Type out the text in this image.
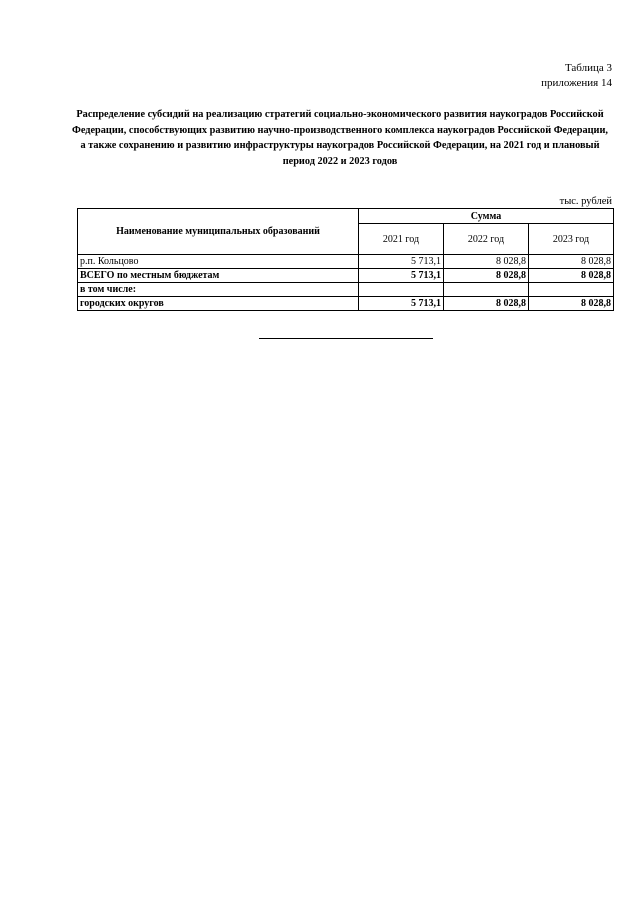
Таблица 3
приложения 14
Распределение субсидий на реализацию стратегий социально-экономического развития наукоградов Российской Федерации, способствующих развитию научно-производственного комплекса наукоградов Российской Федерации, а также сохранению и развитию инфраструктуры наукоградов Российской Федерации, на 2021 год и плановый период 2022 и 2023 годов
тыс. рублей
Наименование муниципальных образований	Сумма		
	2021 год	2022 год	2023 год
р.п. Кольцово	5 713,1	8 028,8	8 028,8
ВСЕГО по местным бюджетам	5 713,1	8 028,8	8 028,8
в том числе:			
городских округов	5 713,1	8 028,8	8 028,8
